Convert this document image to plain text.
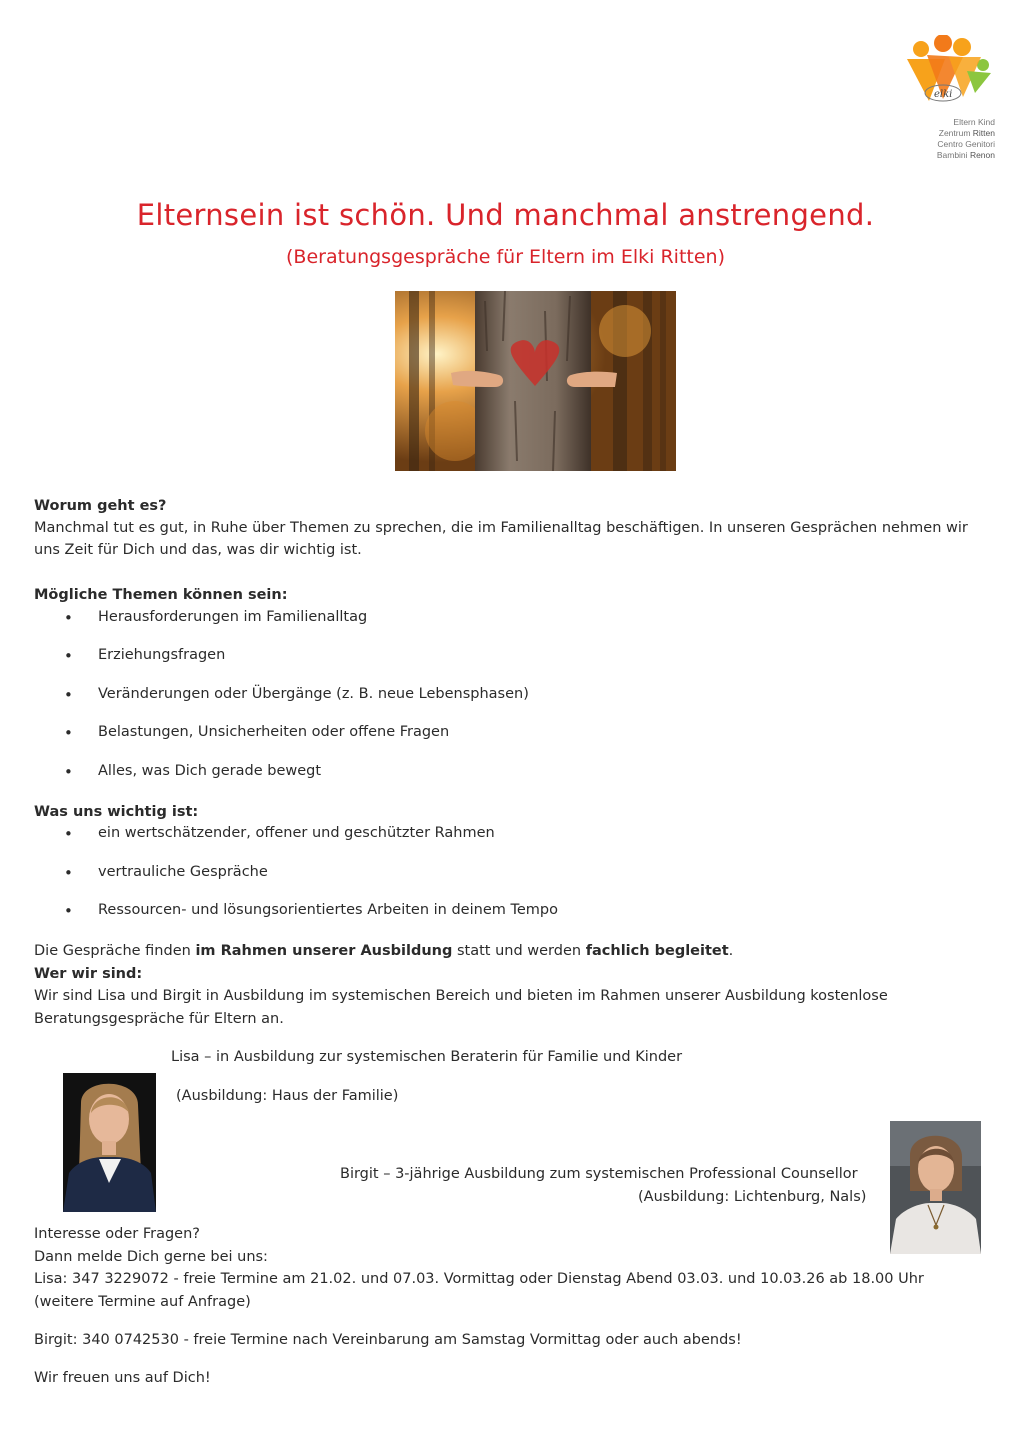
elki
Eltern Kind
Zentrum Ritten
Centro Genitori
Bambini Renon
Elternsein ist schön. Und manchmal anstrengend.
(Beratungsgespräche für Eltern im Elki Ritten)
Worum geht es?
Manchmal tut es gut, in Ruhe über Themen zu sprechen, die im Familienalltag beschäftigen. In unseren Gesprächen nehmen wir
uns Zeit für Dich und das, was dir wichtig ist.
Mögliche Themen können sein:
Herausforderungen im Familienalltag
Erziehungsfragen
Veränderungen oder Übergänge (z. B. neue Lebensphasen)
Belastungen, Unsicherheiten oder offene Fragen
Alles, was Dich gerade bewegt
Was uns wichtig ist:
ein wertschätzender, offener und geschützter Rahmen
vertrauliche Gespräche
Ressourcen- und lösungsorientiertes Arbeiten in deinem Tempo
Die Gespräche finden im Rahmen unserer Ausbildung statt und werden fachlich begleitet.
Wer wir sind:
Wir sind Lisa und Birgit in Ausbildung im systemischen Bereich und bieten im Rahmen unserer Ausbildung kostenlose
Beratungsgespräche für Eltern an.
Lisa – in Ausbildung zur systemischen Beraterin für Familie und Kinder
(Ausbildung: Haus der Familie)
Birgit – 3-jährige Ausbildung zum systemischen Professional Counsellor
(Ausbildung: Lichtenburg, Nals)
Interesse oder Fragen?
Dann melde Dich gerne bei uns:
Lisa: 347 3229072 - freie Termine am 21.02. und 07.03. Vormittag oder Dienstag Abend 03.03. und 10.03.26 ab 18.00 Uhr
(weitere Termine auf Anfrage)
Birgit: 340 0742530 - freie Termine nach Vereinbarung am Samstag Vormittag oder auch abends!
Wir freuen uns auf Dich!
